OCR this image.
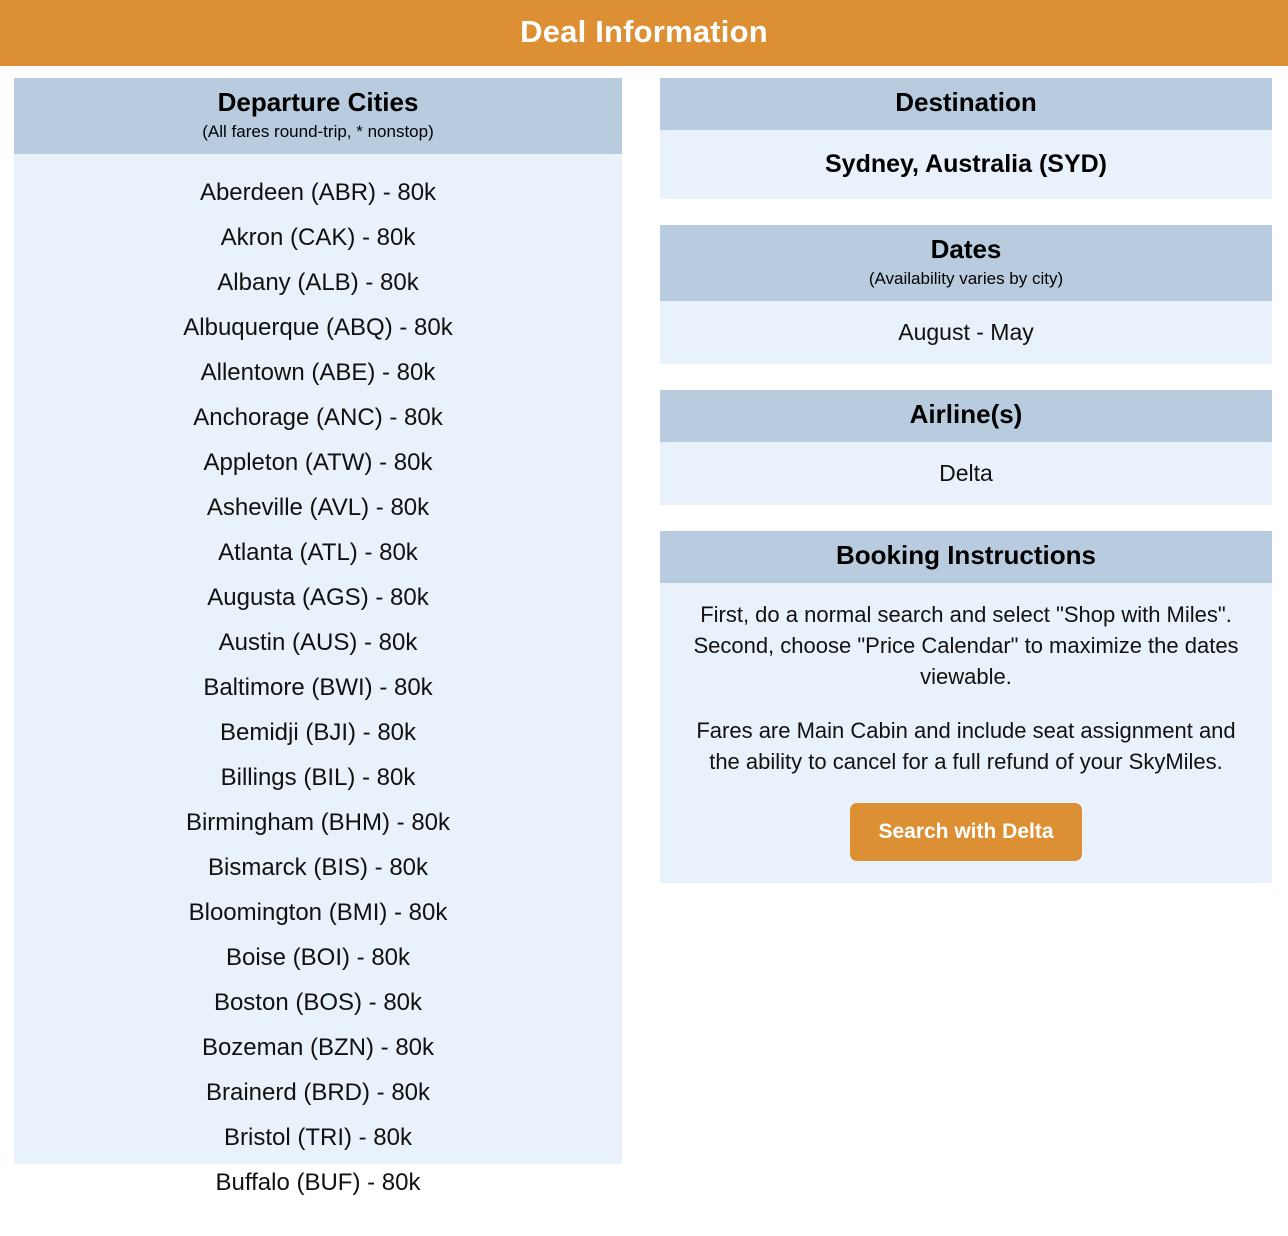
Deal Information
Departure Cities
(All fares round-trip, * nonstop)
Aberdeen (ABR) - 80k
Akron (CAK) - 80k
Albany (ALB) - 80k
Albuquerque (ABQ) - 80k
Allentown (ABE) - 80k
Anchorage (ANC) - 80k
Appleton (ATW) - 80k
Asheville (AVL) - 80k
Atlanta (ATL) - 80k
Augusta (AGS) - 80k
Austin (AUS) - 80k
Baltimore (BWI) - 80k
Bemidji (BJI) - 80k
Billings (BIL) - 80k
Birmingham (BHM) - 80k
Bismarck (BIS) - 80k
Bloomington (BMI) - 80k
Boise (BOI) - 80k
Boston (BOS) - 80k
Bozeman (BZN) - 80k
Brainerd (BRD) - 80k
Bristol (TRI) - 80k
Buffalo (BUF) - 80k
Destination
Sydney, Australia (SYD)
Dates
(Availability varies by city)
August - May
Airline(s)
Delta
Booking Instructions

First, do a normal search and select "Shop with Miles". Second, choose "Price Calendar" to maximize the dates viewable.

Fares are Main Cabin and include seat assignment and the ability to cancel for a full refund of your SkyMiles.

Search with Delta
